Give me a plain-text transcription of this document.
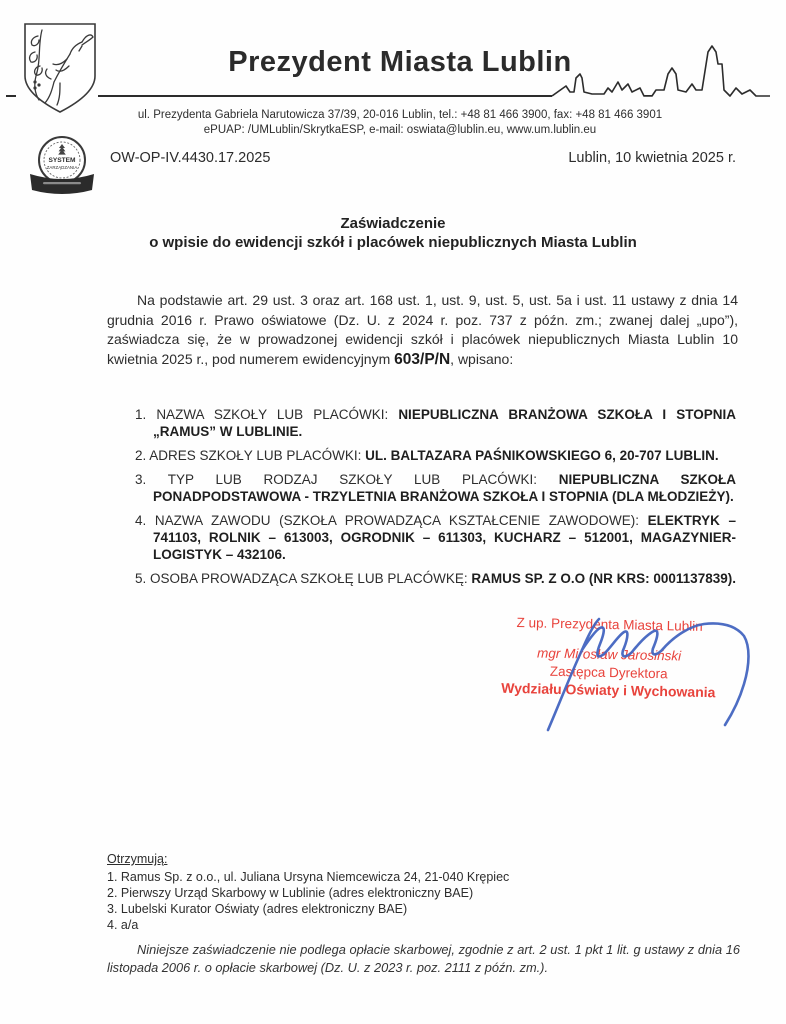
Prezydent Miasta Lublin
ul. Prezydenta Gabriela Narutowicza 37/39, 20-016 Lublin, tel.: +48 81 466 3900, fax: +48 81 466 3901
ePUAP: /UMLublin/SkrytkaESP, e-mail: oswiata@lublin.eu, www.um.lublin.eu
SYSTEM
ZARZĄDZANIA
OW-OP-IV.4430.17.2025	Lublin, 10 kwietnia 2025 r.
Zaświadczenie
o wpisie do ewidencji szkół i placówek niepublicznych Miasta Lublin

Na podstawie art. 29 ust. 3 oraz art. 168 ust. 1, ust. 9, ust. 5, ust. 5a i ust. 11 ustawy z dnia 14 grudnia 2016 r. Prawo oświatowe (Dz. U. z 2024 r. poz. 737 z późn. zm.; zwanej dalej „upo”), zaświadcza się, że w prowadzonej ewidencji szkół i placówek niepublicznych Miasta Lublin 10 kwietnia 2025 r., pod numerem ewidencyjnym 603/P/N, wpisano:

1. NAZWA SZKOŁY LUB PLACÓWKI: NIEPUBLICZNA BRANŻOWA SZKOŁA I STOPNIA „RAMUS” W LUBLINIE.
2. ADRES SZKOŁY LUB PLACÓWKI: UL. BALTAZARA PAŚNIKOWSKIEGO 6, 20-707 LUBLIN.
3. TYP LUB RODZAJ SZKOŁY LUB PLACÓWKI: NIEPUBLICZNA SZKOŁA PONADPODSTAWOWA - TRZYLETNIA BRANŻOWA SZKOŁA I STOPNIA (DLA MŁODZIEŻY).
4. NAZWA ZAWODU (SZKOŁA PROWADZĄCA KSZTAŁCENIE ZAWODOWE): ELEKTRYK – 741103, ROLNIK – 613003, OGRODNIK – 611303, KUCHARZ – 512001, MAGAZYNIER-LOGISTYK – 432106.
5. OSOBA PROWADZĄCA SZKOŁĘ LUB PLACÓWKĘ: RAMUS SP. Z O.O (NR KRS: 0001137839).
Z up. Prezydenta Miasta Lublin
mgr Mirosław Jarosiński
Zastępca Dyrektora
Wydziału Oświaty i Wychowania
Otrzymują:
1. Ramus Sp. z o.o., ul. Juliana Ursyna Niemcewicza 24, 21-040 Krępiec
2. Pierwszy Urząd Skarbowy w Lublinie (adres elektroniczny BAE)
3. Lubelski Kurator Oświaty (adres elektroniczny BAE)
4. a/a

Niniejsze zaświadczenie nie podlega opłacie skarbowej, zgodnie z art. 2 ust. 1 pkt 1 lit. g ustawy z dnia 16 listopada 2006 r. o opłacie skarbowej (Dz. U. z 2023 r. poz. 2111 z późn. zm.).
